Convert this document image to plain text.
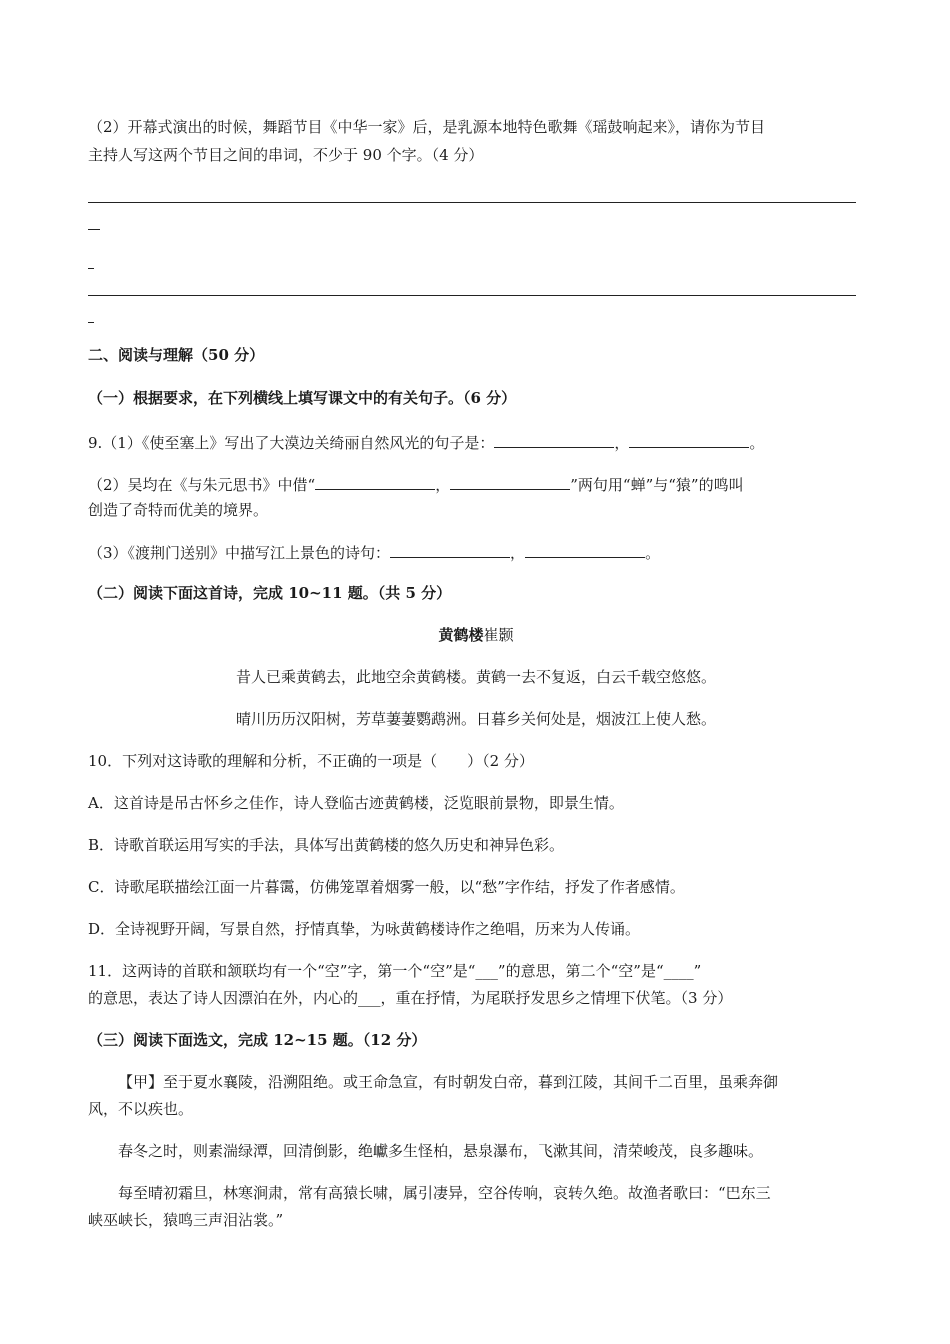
（2）开幕式演出的时候，舞蹈节目《中华一家》后，是乳源本地特色歌舞《瑶鼓响起来》，请你为节目
主持人写这两个节目之间的串词，不少于 90 个字。（4 分）
二、阅读与理解（50 分）
（一）根据要求，在下列横线上填写课文中的有关句子。（6 分）
9.（1）《使至塞上》写出了大漠边关绮丽自然风光的句子是：	，	。
（2）吴均在《与朱元思书》中借“	，	”两句用“蝉”与“猿”的鸣叫
创造了奇特而优美的境界。
（3）《渡荆门送别》中描写江上景色的诗句：	，	。
（二）阅读下面这首诗，完成 10~11 题。（共 5 分）
黄鹤楼崔颢
昔人已乘黄鹤去，此地空余黄鹤楼。黄鹤一去不复返，白云千载空悠悠。
晴川历历汉阳树，芳草萋萋鹦鹉洲。日暮乡关何处是，烟波江上使人愁。
10．下列对这诗歌的理解和分析，不正确的一项是（　　）（2 分）
A．这首诗是吊古怀乡之佳作，诗人登临古迹黄鹤楼，泛览眼前景物，即景生情。
B．诗歌首联运用写实的手法，具体写出黄鹤楼的悠久历史和神异色彩。
C．诗歌尾联描绘江面一片暮霭，仿佛笼罩着烟雾一般，以“愁”字作结，抒发了作者感情。
D．全诗视野开阔，写景自然，抒情真挚，为咏黄鹤楼诗作之绝唱，历来为人传诵。
11．这两诗的首联和颔联均有一个“空”字，第一个“空”是“___”的意思，第二个“空”是“____”
的意思，表达了诗人因漂泊在外，内心的___，重在抒情，为尾联抒发思乡之情埋下伏笔。（3 分）
（三）阅读下面选文，完成 12~15 题。（12 分）
【甲】至于夏水襄陵，沿溯阻绝。或王命急宣，有时朝发白帝，暮到江陵，其间千二百里，虽乘奔御
风，不以疾也。
春冬之时，则素湍绿潭，回清倒影，绝巘多生怪柏，悬泉瀑布，飞漱其间，清荣峻茂，良多趣味。
每至晴初霜旦，林寒涧肃，常有高猿长啸，属引凄异，空谷传响，哀转久绝。故渔者歌曰：“巴东三
峡巫峡长，猿鸣三声泪沾裳。”
